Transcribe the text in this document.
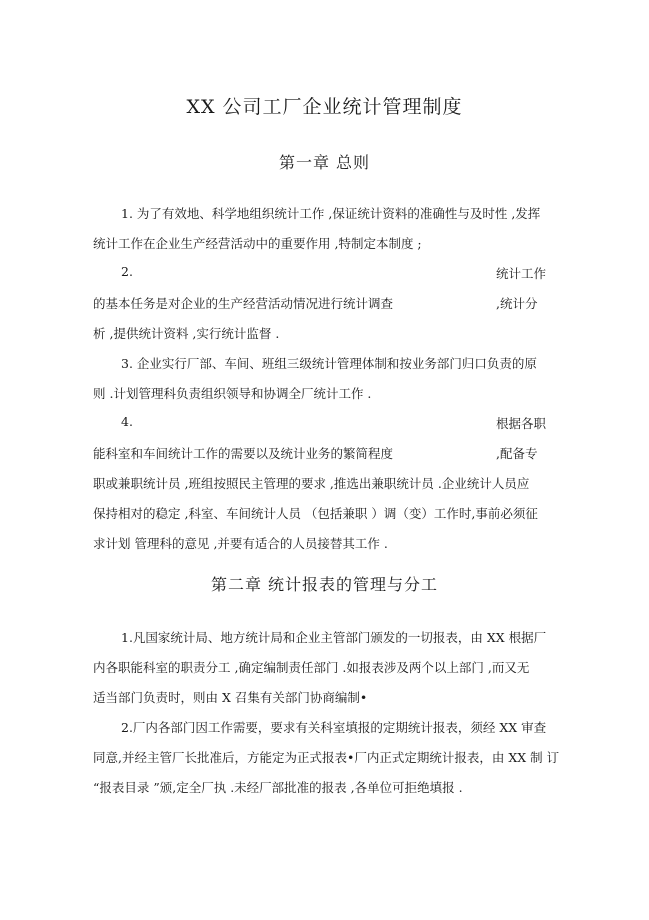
XX 公司工厂企业统计管理制度
第一章 总则
1. 为了有效地、科学地组织统计工作 ,保证统计资料的准确性与及时性 ,发挥
统计工作在企业生产经营活动中的重要作用 ,特制定本制度 ;
2.	统计工作
的基本任务是对企业的生产经营活动情况进行统计调查	,统计分
析 ,提供统计资料 ,实行统计监督 .
3. 企业实行厂部、车间、班组三级统计管理体制和按业务部门归口负责的原
则 .计划管理科负责组织领导和协调全厂统计工作 .
4.	根据各职
能科室和车间统计工作的需要以及统计业务的繁简程度	,配备专
职或兼职统计员 ,班组按照民主管理的要求 ,推选出兼职统计员 .企业统计人员应
保持相对的稳定 ,科室、车间统计人员 （包括兼职 ）调（变）工作时,事前必须征
求计划 管理科的意见 ,并要有适合的人员接替其工作 .
第二章 统计报表的管理与分工
1.凡国家统计局、地方统计局和企业主管部门颁发的一切报表，由 XX 根据厂
内各职能科室的职责分工 ,确定编制责任部门 .如报表涉及两个以上部门 ,而又无
适当部门负责时，则由 X 召集有关部门协商编制•
2.厂内各部门因工作需要，要求有关科室填报的定期统计报表，须经 XX 审查
同意,并经主管厂长批准后，方能定为正式报表•厂内正式定期统计报表，由 XX 制 订
“报表目录 ”颁,定全厂执 .未经厂部批准的报表 ,各单位可拒绝填报 .
